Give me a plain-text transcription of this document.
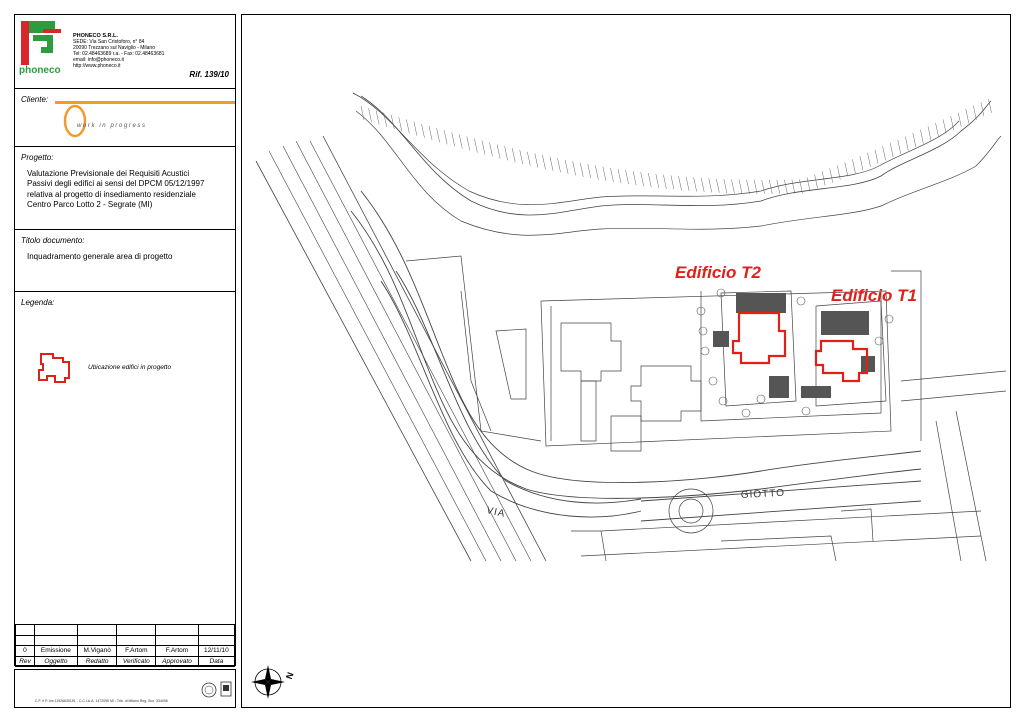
phoneco
PHONECO S.R.L.
SEDE: Via San Cristoforo, n° 84
20090 Trezzano sul Naviglio - Milano
Tel: 02.48463689 r.a. - Fax: 02.48463681
email: info@phoneco.it
http://www.phoneco.it
Rif. 139/10
Cliente:
work in progress
Progetto:
Valutazione Previsionale dei Requisiti Acustici
Passivi degli edifici ai sensi del DPCM 05/12/1997
relativa al progetto di insediamento residenziale
Centro Parco Lotto 2 - Segrate (MI)
Titolo documento:
Inquadramento generale area di progetto
Legenda:
Ubicazione edifici in progetto

0	Emissione	M.Viganò	F.Artom	F.Artom	12/11/10
Rev	Oggetto	Redatto	Verificato	Approvato	Data
C.F. e P. Iva 11926630151 - C.C.I.A.A. 1472095 MI - Trib. di Milano Reg. Soc. 334096
Edificio T2
Edificio T1
VIA
GIOTTO
N
